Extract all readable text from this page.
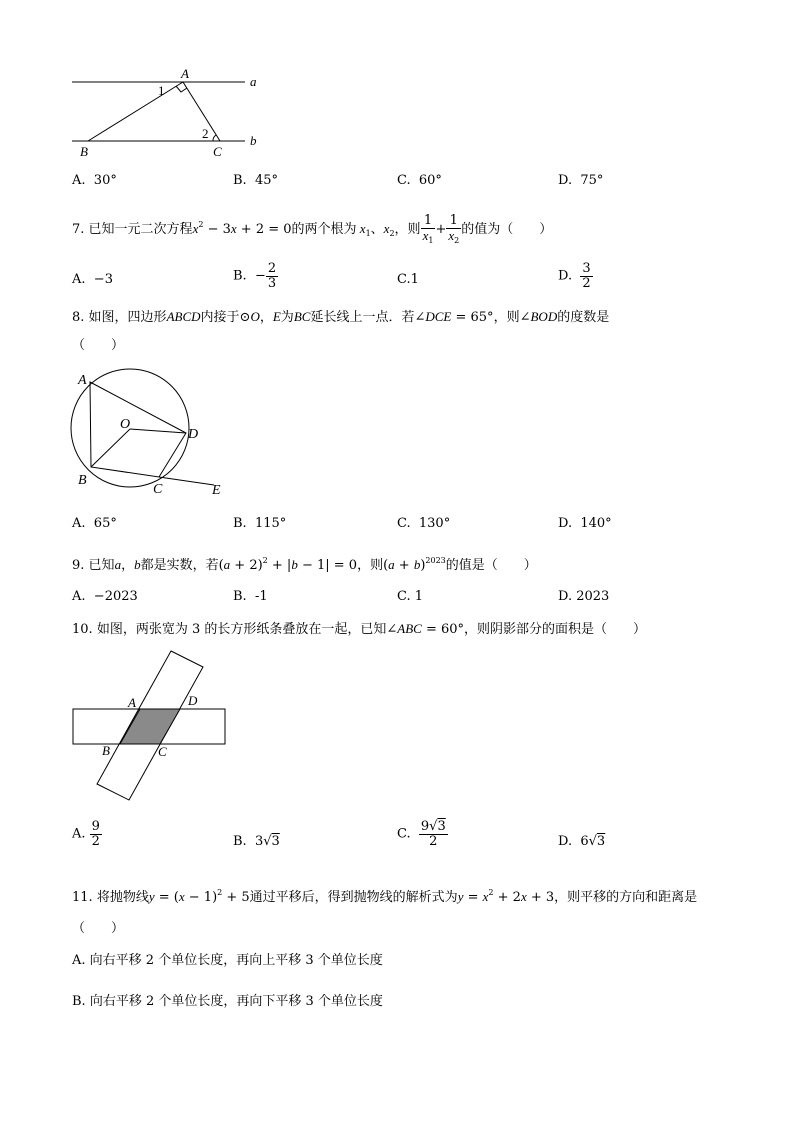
A
a
b
B	C
1
2
A. 30°	B. 45°	C. 60°	D. 75°
7. 已知一元二次方程$x^2 - 3x + 2 = 0$的两个根为 $x_1$、$x_2$，则 $\frac{1}{x_1} + \frac{1}{x_2}$ 的值为（　　）
A. −3	B.  − $\frac{2}{3}$	C.1	D. $\frac{3}{2}$
8. 如图，四边形ABCD内接于⊙O，E为BC延长线上一点．若∠DCE = 65°，则∠BOD的度数是
（　　）
A
O
D
B
C	E
A. 65°	B. 115°	C. 130°	D. 140°
9. 已知a，b都是实数，若$(a + 2)^2 + |b - 1| = 0$，则$(a + b)^{2023}$的值是（　　）
A. −2023	B. -1	C. 1	D. 2023
10. 如图，两张宽为 3 的长方形纸条叠放在一起，已知∠ABC = 60°，则阴影部分的面积是（　　）
A	D
B	C
A. $\frac{9}{2}$	B.  3√3	C. $\frac{9√3}{2}$	D.  6√3
11. 将抛物线$y = (x - 1)^2 + 5$通过平移后，得到抛物线的解析式为$y = x^2 + 2x + 3$，则平移的方向和距离是
（　　）
A. 向右平移 2 个单位长度，再向上平移 3 个单位长度
B. 向右平移 2 个单位长度，再向下平移 3 个单位长度
